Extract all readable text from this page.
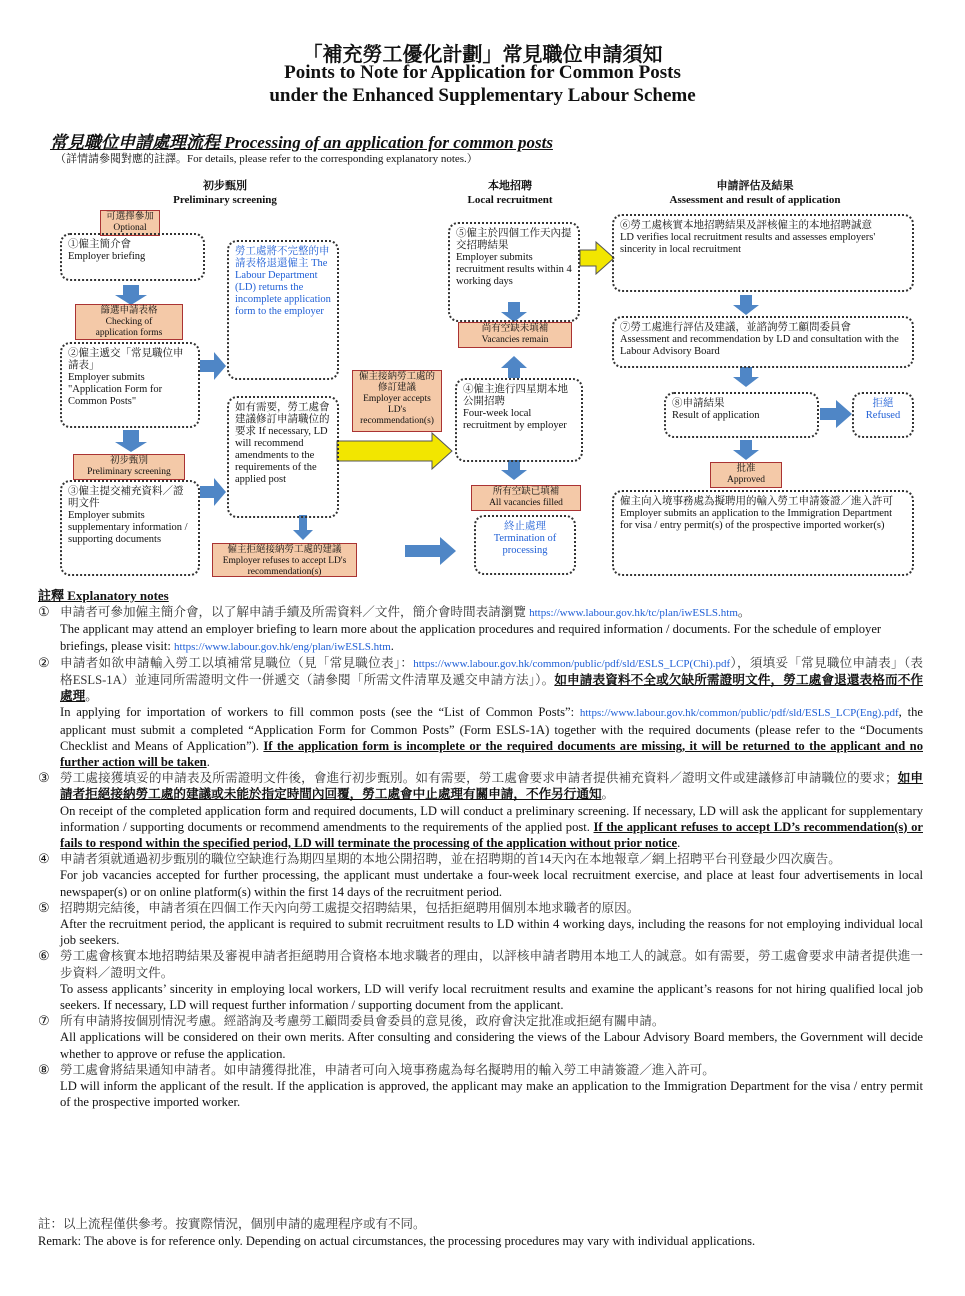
「補充勞工優化計劃」常見職位申請須知
Points to Note for Application for Common Posts
under the Enhanced Supplementary Labour Scheme
常見職位申請處理流程 Processing of an application for common posts
（詳情請參閱對應的註譯。For details, please refer to the corresponding explanatory notes.）
初步甄別
Preliminary screening
本地招聘
Local recruitment
申請評估及結果
Assessment and result of application
可選擇參加
Optional
①僱主簡介會
Employer briefing
篩選申請表格
Checking of
application forms
②僱主遞交「常見職位申請表」
Employer submits "Application Form for Common Posts"
勞工處將不完整的申請表格退還僱主 The Labour Department (LD) returns the incomplete application form to the employer
初步甄別
Preliminary screening
③僱主提交補充資料／證明文件
Employer submits supplementary information / supporting documents
如有需要，勞工處會建議修訂申請職位的要求 If necessary, LD will recommend amendments to the requirements of the applied post
僱主接納勞工處的修訂建議
Employer accepts LD's recommendation(s)
僱主拒絕接納勞工處的建議
Employer refuses to accept LD's recommendation(s)
⑤僱主於四個工作天內提交招聘結果
Employer submits recruitment results within 4 working days
尚有空缺未填補
Vacancies remain
④僱主進行四星期本地公開招聘
Four-week local recruitment by employer
所有空缺已填補
All vacancies filled
終止處理
Termination of processing
⑥勞工處核實本地招聘結果及評核僱主的本地招聘誠意
LD verifies local recruitment results and assesses employers' sincerity in local recruitment
⑦勞工處進行評估及建議，並諮詢勞工顧問委員會
Assessment and recommendation by LD and consultation with the Labour Advisory Board
⑧申請結果
Result of application
拒絕
Refused
批准
Approved
僱主向入境事務處為擬聘用的輸入勞工申請簽證／進入許可
Employer submits an application to the Immigration Department for visa / entry permit(s) of the prospective imported worker(s)
註釋 Explanatory notes
① 申請者可參加僱主簡介會，以了解申請手續及所需資料／文件，簡介會時間表請瀏覽 https://www.labour.gov.hk/tc/plan/iwESLS.htm。
The applicant may attend an employer briefing to learn more about the application procedures and required information / documents. For the schedule of employer briefings, please visit: https://www.labour.gov.hk/eng/plan/iwESLS.htm.
② 申請者如欲申請輸入勞工以填補常見職位（見「常見職位表」：https://www.labour.gov.hk/common/public/pdf/sld/ESLS_LCP(Chi).pdf），須填妥「常見職位申請表」（表格ESLS-1A）並連同所需證明文件一併遞交（請參閱「所需文件清單及遞交申請方法」）。如申請表資料不全或欠缺所需證明文件，勞工處會退還表格而不作處理。
In applying for importation of workers to fill common posts (see the “List of Common Posts”: https://www.labour.gov.hk/common/public/pdf/sld/ESLS_LCP(Eng).pdf, the applicant must submit a completed “Application Form for Common Posts” (Form ESLS-1A) together with the required documents (please refer to the “Documents Checklist and Means of Application”). If the application form is incomplete or the required documents are missing, it will be returned to the applicant and no further action will be taken.
③ 勞工處接獲填妥的申請表及所需證明文件後，會進行初步甄別。如有需要，勞工處會要求申請者提供補充資料／證明文件或建議修訂申請職位的要求；如申請者拒絕接納勞工處的建議或未能於指定時間內回覆，勞工處會中止處理有關申請，不作另行通知。
On receipt of the completed application form and required documents, LD will conduct a preliminary screening. If necessary, LD will ask the applicant for supplementary information / supporting documents or recommend amendments to the requirements of the applied post. If the applicant refuses to accept LD’s recommendation(s) or fails to respond within the specified period, LD will terminate the processing of the application without prior notice.
④ 申請者須就通過初步甄別的職位空缺進行為期四星期的本地公開招聘，並在招聘期的首14天內在本地報章／網上招聘平台刊登最少四次廣告。
For job vacancies accepted for further processing, the applicant must undertake a four-week local recruitment exercise, and place at least four advertisements in local newspaper(s) or on online platform(s) within the first 14 days of the recruitment period.
⑤ 招聘期完結後，申請者須在四個工作天內向勞工處提交招聘結果，包括拒絕聘用個別本地求職者的原因。
After the recruitment period, the applicant is required to submit recruitment results to LD within 4 working days, including the reasons for not employing individual local job seekers.
⑥ 勞工處會核實本地招聘結果及審視申請者拒絕聘用合資格本地求職者的理由，以評核申請者聘用本地工人的誠意。如有需要，勞工處會要求申請者提供進一步資料／證明文件。
To assess applicants’ sincerity in employing local workers, LD will verify local recruitment results and examine the applicant’s reasons for not hiring qualified local job seekers. If necessary, LD will request further information / supporting document from the applicant.
⑦ 所有申請將按個別情況考慮。經諮詢及考慮勞工顧問委員會委員的意見後，政府會決定批准或拒絕有關申請。
All applications will be considered on their own merits. After consulting and considering the views of the Labour Advisory Board members, the Government will decide whether to approve or refuse the application.
⑧ 勞工處會將結果通知申請者。如申請獲得批准，申請者可向入境事務處為每名擬聘用的輸入勞工申請簽證／進入許可。
LD will inform the applicant of the result. If the application is approved, the applicant may make an application to the Immigration Department for the visa / entry permit of the prospective imported worker.
註：以上流程僅供參考。按實際情況，個別申請的處理程序或有不同。
Remark: The above is for reference only. Depending on actual circumstances, the processing procedures may vary with individual applications.
